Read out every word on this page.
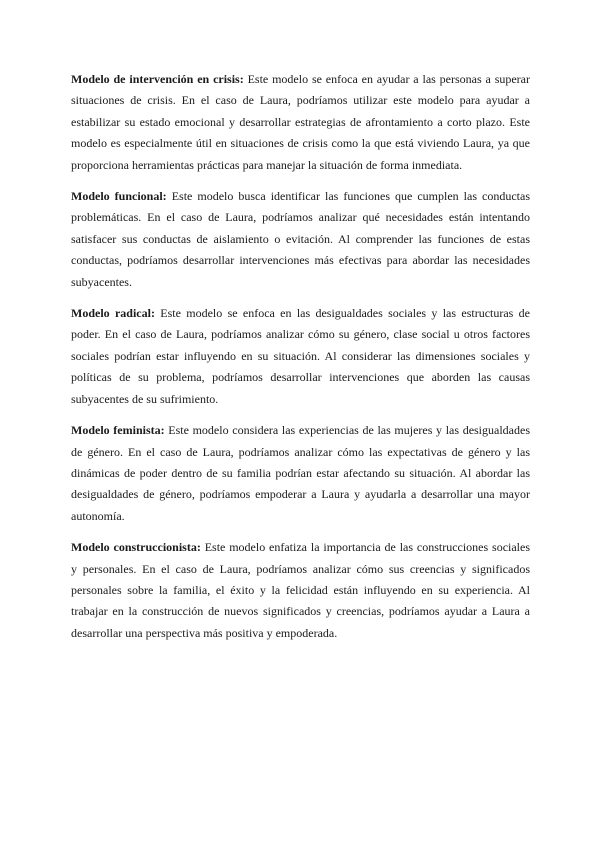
Modelo de intervención en crisis: Este modelo se enfoca en ayudar a las personas a superar situaciones de crisis. En el caso de Laura, podríamos utilizar este modelo para ayudar a estabilizar su estado emocional y desarrollar estrategias de afrontamiento a corto plazo. Este modelo es especialmente útil en situaciones de crisis como la que está viviendo Laura, ya que proporciona herramientas prácticas para manejar la situación de forma inmediata.

Modelo funcional: Este modelo busca identificar las funciones que cumplen las conductas problemáticas. En el caso de Laura, podríamos analizar qué necesidades están intentando satisfacer sus conductas de aislamiento o evitación. Al comprender las funciones de estas conductas, podríamos desarrollar intervenciones más efectivas para abordar las necesidades subyacentes.

Modelo radical: Este modelo se enfoca en las desigualdades sociales y las estructuras de poder. En el caso de Laura, podríamos analizar cómo su género, clase social u otros factores sociales podrían estar influyendo en su situación. Al considerar las dimensiones sociales y políticas de su problema, podríamos desarrollar intervenciones que aborden las causas subyacentes de su sufrimiento.

Modelo feminista: Este modelo considera las experiencias de las mujeres y las desigualdades de género. En el caso de Laura, podríamos analizar cómo las expectativas de género y las dinámicas de poder dentro de su familia podrían estar afectando su situación. Al abordar las desigualdades de género, podríamos empoderar a Laura y ayudarla a desarrollar una mayor autonomía.

Modelo construccionista: Este modelo enfatiza la importancia de las construcciones sociales y personales. En el caso de Laura, podríamos analizar cómo sus creencias y significados personales sobre la familia, el éxito y la felicidad están influyendo en su experiencia. Al trabajar en la construcción de nuevos significados y creencias, podríamos ayudar a Laura a desarrollar una perspectiva más positiva y empoderada.
